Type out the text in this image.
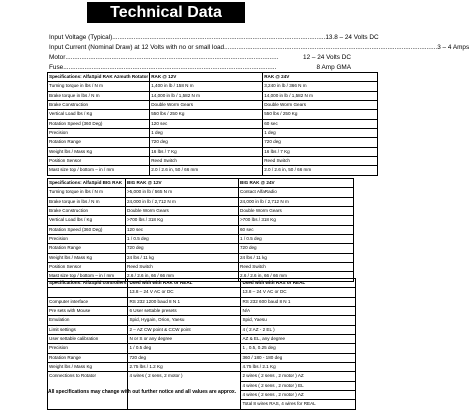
Technical Data
Input Voltage (Typical) ........................................................................................................................ 13.8 – 24 Volts DC
Input Current (Nominal Draw) at 12 Volts with no or small load ........................................................................................................................ 3 – 4 Amps
Motor ........................................................................................................................	12 – 24 Volts DC
Fuse ........................................................................................................................	8 Amp GMA
Specifications: AlfaSpid RAK Azmuth Rotator	RAK @ 12V	RAK @ 24V
Turning torque in lbs / N m	1,400 in lb / 158 N m	3,240 in lb / 366 N m
Brake torque in lbs / N m	14,000 in lb / 1,582 N m	14,000 in lb / 1,582 N m
Brake Construction	Double Worm Gears	Double Worm Gears
Vertical Load lbs / Kg	550 lbs / 250 Kg	550 lbs / 250 Kg
Rotation Speed (360 Deg)	120 sec	60 sec
Precision	1 deg	1 deg
Rotation Range	720 deg	720 deg
Weight lbs / Mass Kg	16 lbs / 7 Kg	16 lbs / 7 Kg
Position Sensor	Reed Switch	Reed Switch
Mast size top / bottom – in / mm	2.0 / 2.6 in, 50 / 66 mm	2.0 / 2.6 in, 50 / 66 mm
Specifications: AlfaSpid BIG RAK	BIG RAK @ 12V	BIG RAK @ 24V
Turning torque in lbs / N m	>5,000 in lb / 565 N m	Contact AlfaRadio
Brake torque in lbs / N m	24,000 in lb / 2,712 N m	24,000 in lb / 2,712 N m
Brake Construction	Double Worm Gears	Double Worm Gears
Vertical Load lbs / Kg	>700 lbs / 318 Kg	>700 lbs / 318 Kg
Rotation Speed (360 Deg)	120 sec	60 sec
Precision	1 / 0.5 deg	1 / 0.5 deg
Rotation Range	720 deg	720 deg
Weight lbs / Mass Kg	24 lbs / 11 kg	24 lbs / 11 kg
Position Sensor	Reed Switch	Reed Switch
Mast size top / bottom – in / mm	2.6 / 2.6 in, 66 / 66 mm	2.6 / 2.6 in, 66 / 66 mm
Specifications: AlfaSpid controllers	Used with with RAK or REAL	Used with with RAS or REAL
	13.8 – 24 V AC or DC	13.8 – 24 V AC or DC
Computer interface	RS 232 1200 baud 8 N 1	RS 232 600 baud 8 N 1
Pre sets with Mouse	6 User settable presets	N/A
Emulation	Spid, Hygain, Orion, Yaesu	Spid, Yaesu
Limit settings	2 – AZ CW point & CCW point	4 ( 2 AZ - 2 EL )
User settable calibration	N or S or any degree	AZ & EL, any degree
Precision	1 / 0.5 deg	1 , 0.5, 0.25 deg
Rotation Range	720 deg	360 / 180 - 180 deg
Weight lbs / Mass Kg	2.75 lbs / 1.2 Kg	4.75 lbs / 2.1 Kg
Connections to Rotator	4 wires ( 2 sens, 2 motor )	2 wires ( 2 sens , 2 motor ) AZ
		4 wires ( 2 sens , 2 motor ) EL
		4 wires ( 2 sens , 2 motor ) AZ
		Total 8 wires RAS, 4 wires for REAL
All specifications may change with out further notice and all values are approx.
